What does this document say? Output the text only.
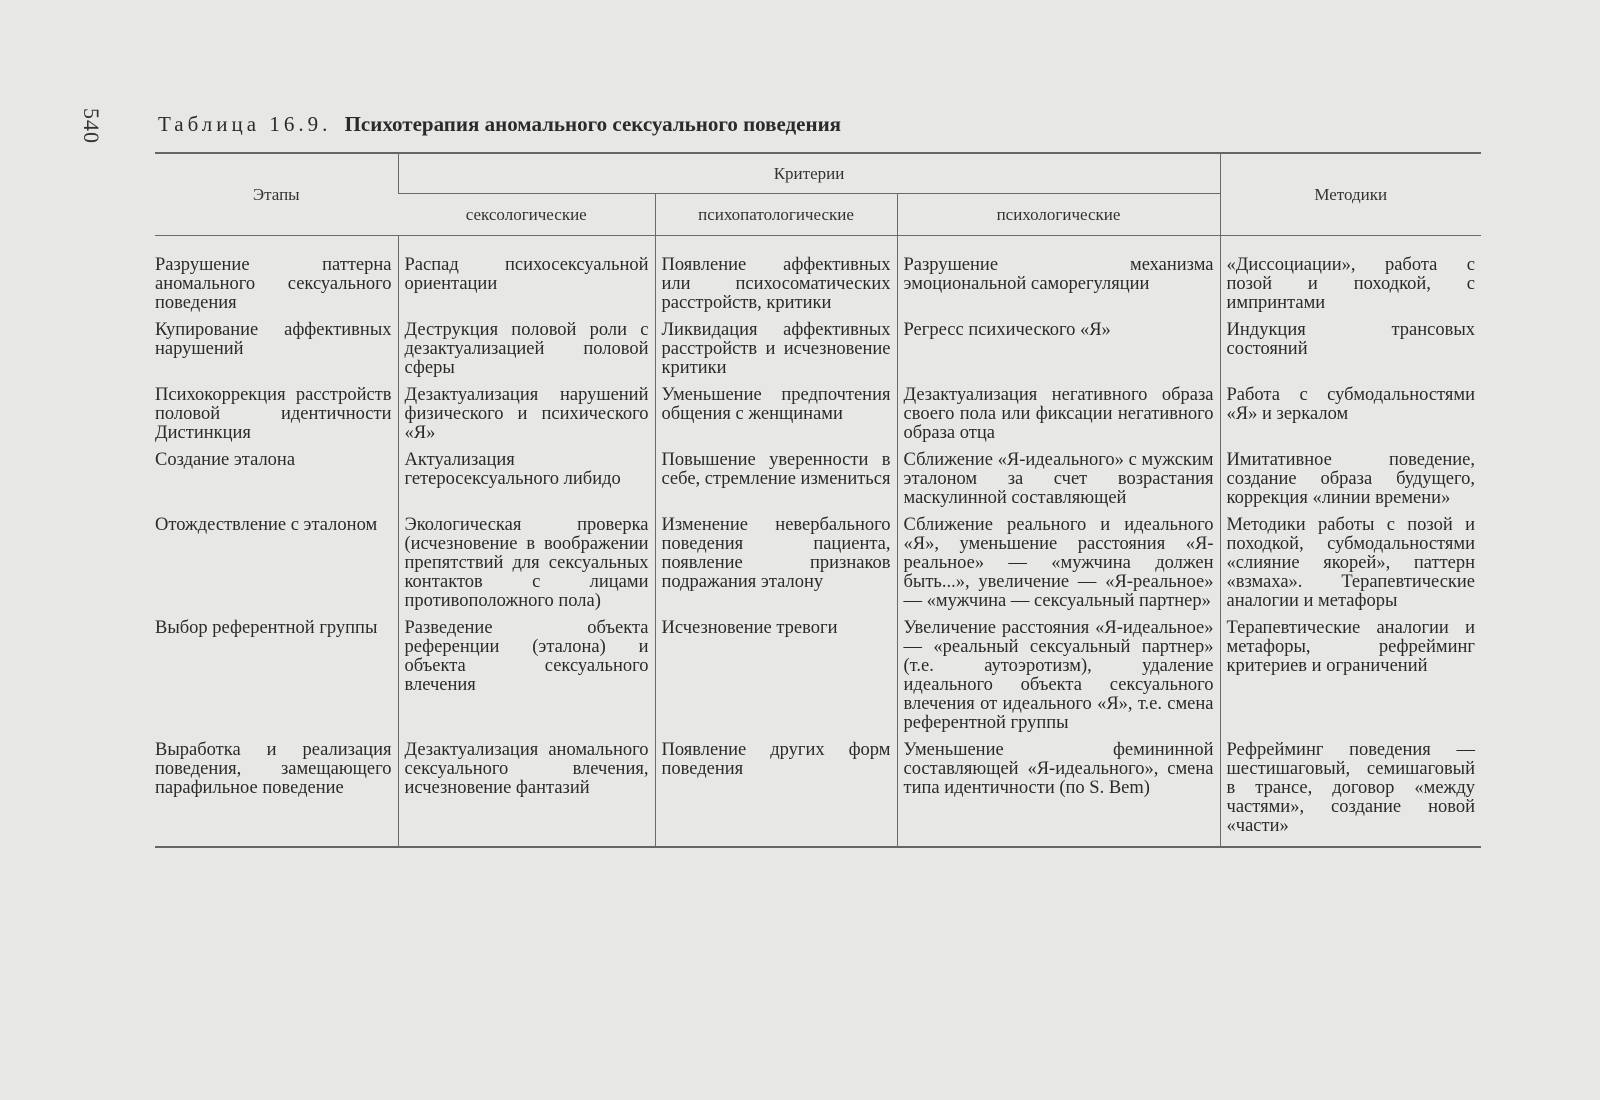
540	Таблица 16.9. Психотерапия аномального сексуального поведения
Этапы	Критерии			Методики
	сексологические	психопатологические	психологические	
Разрушение паттерна аномального сексуального поведения	Распад психосексуальной ориентации	Появление аффективных или психосоматических расстройств, критики	Разрушение механизма эмоциональной саморегуляции	«Диссоциации», работа с позой и походкой, с импринтами
Купирование аффективных нарушений	Деструкция половой роли с дезактуализацией половой сферы	Ликвидация аффективных расстройств и исчезновение критики	Регресс психического «Я»	Индукция трансовых состояний
Психокоррекция расстройств половой идентичности Дистинкция	Дезактуализация нарушений физического и психического «Я»	Уменьшение предпочтения общения с женщинами	Дезактуализация негативного образа своего пола или фиксации негативного образа отца	Работа с субмодальностями «Я» и зеркалом
Создание эталона	Актуализация гетеросексуального либидо	Повышение уверенности в себе, стремление измениться	Сближение «Я-идеального» с мужским эталоном за счет возрастания маскулинной составляющей	Имитативное поведение, создание образа будущего, коррекция «линии времени»
Отождествление с эталоном	Экологическая проверка (исчезновение в воображении препятствий для сексуальных контактов с лицами противоположного пола)	Изменение невербального поведения пациента, появление признаков подражания эталону	Сближение реального и идеального «Я», уменьшение расстояния «Я-реальное» — «мужчина должен быть...», увеличение — «Я-реальное» — «мужчина — сексуальный партнер»	Методики работы с позой и походкой, субмодальностями «слияние якорей», паттерн «взмаха». Терапевтические аналогии и метафоры
Выбор референтной группы	Разведение объекта референции (эталона) и объекта сексуального влечения	Исчезновение тревоги	Увеличение расстояния «Я-идеальное» — «реальный сексуальный партнер» (т.е. аутоэротизм), удаление идеального объекта сексуального влечения от идеального «Я», т.е. смена референтной группы	Терапевтические аналогии и метафоры, рефрейминг критериев и ограничений
Выработка и реализация поведения, замещающего парафильное поведение	Дезактуализация аномального сексуального влечения, исчезновение фантазий	Появление других форм поведения	Уменьшение фемининной составляющей «Я-идеального», смена типа идентичности (по S. Bem)	Рефрейминг поведения — шестишаговый, семишаговый в трансе, договор «между частями», создание новой «части»
